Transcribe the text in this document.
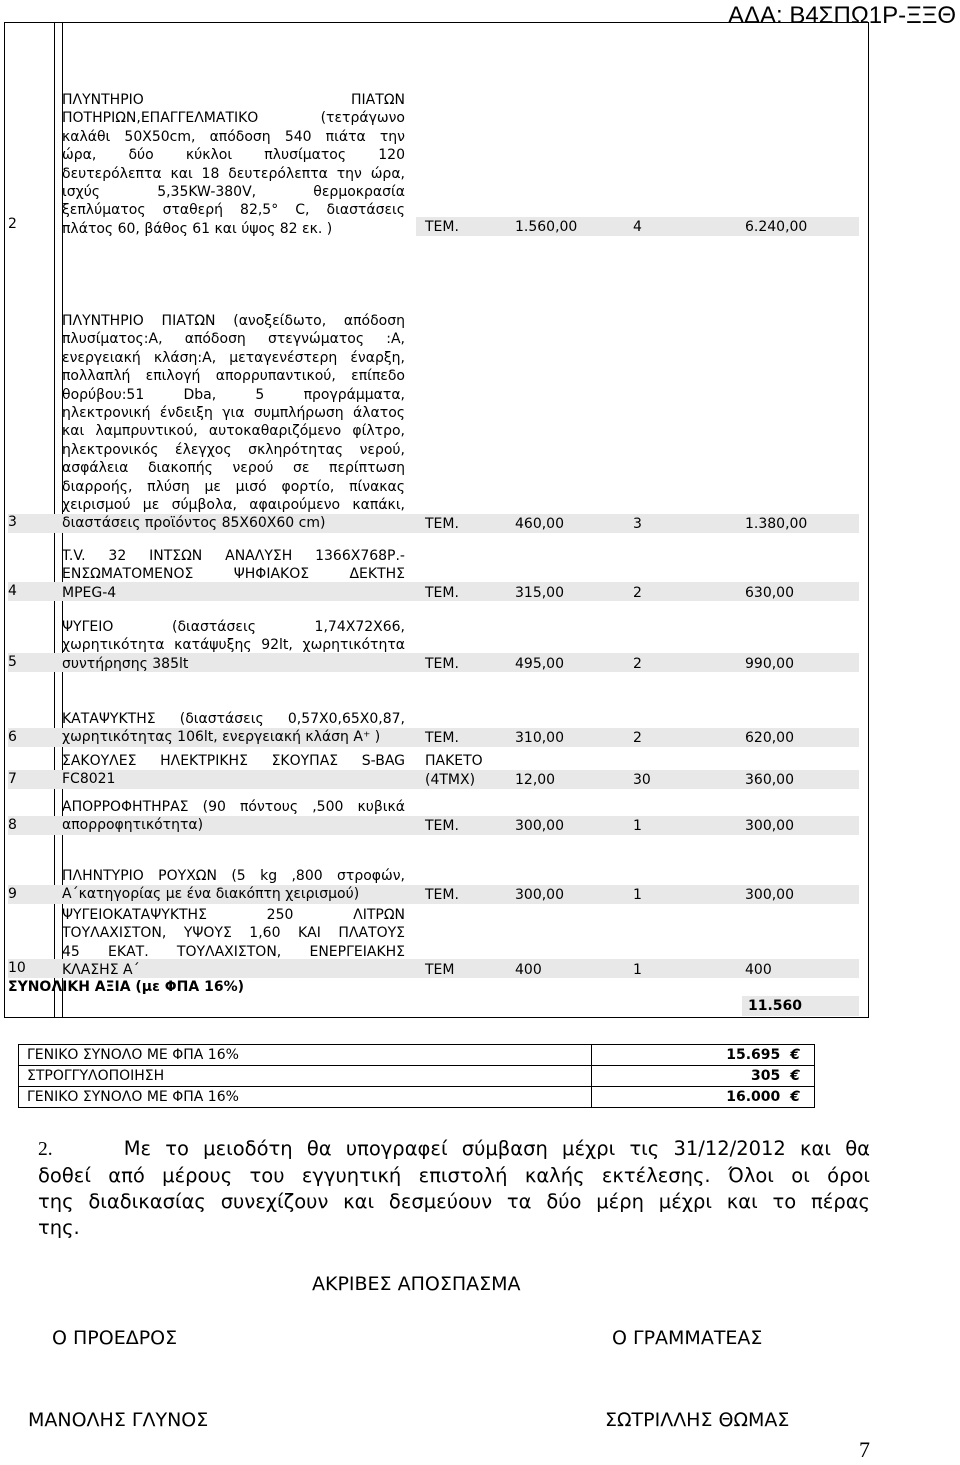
ΑΔΑ: Β4ΣΠΩ1Ρ-ΞΞΘ
2
ΠΛΥΝΤΗΡΙΟ ΠΙΑΤΩΝ
ΠΟΤΗΡΙΩΝ,ΕΠΑΓΓΕΛΜΑΤΙΚΟ (τετράγωνο
καλάθι 50Χ50cm, απόδοση 540 πιάτα την
ώρα, δύο κύκλοι πλυσίματος 120
δευτερόλεπτα και 18 δευτερόλεπτα την ώρα,
ισχύς 5,35KW-380V, θερμοκρασία
ξεπλύματος σταθερή 82,5° C, διαστάσεις
πλάτος 60, βάθος 61 και ύψος 82 εκ. )	ΤΕΜ.	1.560,00	4	6.240,00
3
ΠΛΥΝΤΗΡΙΟ ΠΙΑΤΩΝ (ανοξείδωτο, απόδοση
πλυσίματος:Α, απόδοση στεγνώματος :Α,
ενεργειακή κλάση:Α, μεταγενέστερη έναρξη,
πολλαπλή επιλογή απορρυπαντικού, επίπεδο
θορύβου:51 Dba, 5 προγράμματα,
ηλεκτρονική ένδειξη για συμπλήρωση άλατος
και λαμπρυντικού, αυτοκαθαριζόμενο φίλτρο,
ηλεκτρονικός έλεγχος σκληρότητας νερού,
ασφάλεια διακοπής νερού σε περίπτωση
διαρροής, πλύση με μισό φορτίο, πίνακας
χειρισμού με σύμβολα, αφαιρούμενο καπάκι,
διαστάσεις προϊόντος 85Χ60Χ60 cm)	ΤΕΜ.	460,00	3	1.380,00
4
T.V. 32 ΙΝΤΣΩΝ ΑΝΑΛΥΣΗ 1366Χ768Ρ.-
ΕΝΣΩΜΑΤΟΜΕΝΟΣ ΨΗΦΙΑΚΟΣ ΔΕΚΤΗΣ
MPEG-4	ΤΕΜ.	315,00	2	630,00
5
ΨΥΓΕΙΟ (διαστάσεις 1,74Χ72Χ66,
χωρητικότητα κατάψυξης 92lt, χωρητικότητα
συντήρησης 385lt	ΤΕΜ.	495,00	2	990,00
6
ΚΑΤΑΨΥΚΤΗΣ (διαστάσεις 0,57Χ0,65Χ0,87,
χωρητικότητας 106lt, ενεργειακή κλάση Α⁺ )	ΤΕΜ.	310,00	2	620,00
7
ΣΑΚΟΥΛΕΣ ΗΛΕΚΤΡΙΚΗΣ ΣΚΟΥΠΑΣ S-BAG
FC8021
ΠΑΚΕΤΟ
(4ΤΜΧ)	12,00	30	360,00
8
ΑΠΟΡΡΟΦΗΤΗΡΑΣ (90 πόντους ,500 κυβικά
απορροφητικότητα)	ΤΕΜ.	300,00	1	300,00
9
ΠΛΗΝΤΥΡΙΟ ΡΟΥΧΩΝ (5 kg ,800 στροφών,
Α΄κατηγορίας με ένα διακόπτη χειρισμού)	ΤΕΜ.	300,00	1	300,00
10
ΨΥΓΕΙΟΚΑΤΑΨΥΚΤΗΣ 250 ΛΙΤΡΩΝ
ΤΟΥΛΑΧΙΣΤΟΝ, ΥΨΟΥΣ 1,60 ΚΑΙ ΠΛΑΤΟΥΣ
45 ΕΚΑΤ. ΤΟΥΛΑΧΙΣΤΟΝ, ΕΝΕΡΓΕΙΑΚΗΣ
ΚΛΑΣΗΣ Α΄	ΤΕΜ	400	1	400
ΣΥΝΟΛΙΚΗ ΑΞΙΑ (με ΦΠΑ 16%)
11.560
ΓΕΝΙΚΟ ΣΥΝΟΛΟ ΜΕ ΦΠΑ 16%	15.695 €
ΣΤΡΟΓΓΥΛΟΠΟΙΗΣΗ	305 €
ΓΕΝΙΚΟ ΣΥΝΟΛΟ ΜΕ ΦΠΑ 16%	16.000 €
2.	Με το μειοδότη θα υπογραφεί σύμβαση μέχρι τις 31/12/2012 και θα
δοθεί από μέρους του εγγυητική επιστολή καλής εκτέλεσης. Όλοι οι όροι
της διαδικασίας συνεχίζουν και δεσμεύουν τα δύο μέρη μέχρι και το πέρας
της.
ΑΚΡΙΒΕΣ ΑΠΟΣΠΑΣΜΑ
Ο ΠΡΟΕΔΡΟΣ	Ο ΓΡΑΜΜΑΤΕΑΣ
ΜΑΝΟΛΗΣ ΓΛΥΝΟΣ	ΣΩΤΡΙΛΛΗΣ ΘΩΜΑΣ
7
